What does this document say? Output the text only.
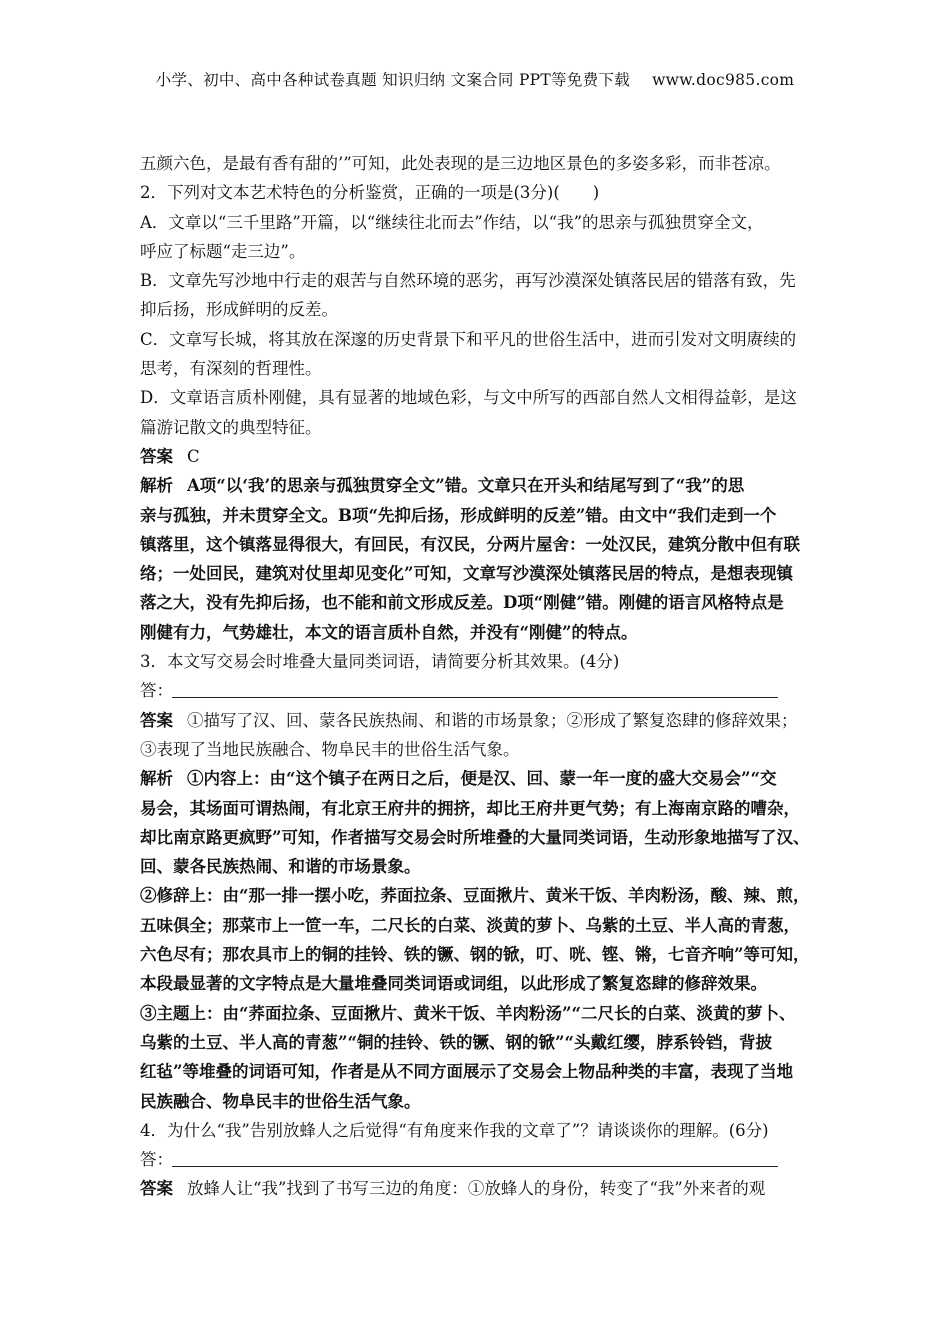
小学、初中、高中各种试卷真题 知识归纳 文案合同 PPT等免费下载 www.doc985.com
五颜六色，是最有香有甜的’”可知，此处表现的是三边地区景色的多姿多彩，而非苍凉。
2．下列对文本艺术特色的分析鉴赏，正确的一项是(3分)(　　)
A．文章以“三千里路”开篇，以“继续往北而去”作结，以“我”的思亲与孤独贯穿全文，
呼应了标题“走三边”。
B．文章先写沙地中行走的艰苦与自然环境的恶劣，再写沙漠深处镇落民居的错落有致，先
抑后扬，形成鲜明的反差。
C．文章写长城，将其放在深邃的历史背景下和平凡的世俗生活中，进而引发对文明赓续的
思考，有深刻的哲理性。
D．文章语言质朴刚健，具有显著的地域色彩，与文中所写的西部自然人文相得益彰，是这
篇游记散文的典型特征。
答案 C
解析 A项“以‘我’的思亲与孤独贯穿全文”错。文章只在开头和结尾写到了“我”的思
亲与孤独，并未贯穿全文。B项“先抑后扬，形成鲜明的反差”错。由文中“我们走到一个
镇落里，这个镇落显得很大，有回民，有汉民，分两片屋舍：一处汉民，建筑分散中但有联
络；一处回民，建筑对仗里却见变化”可知，文章写沙漠深处镇落民居的特点，是想表现镇
落之大，没有先抑后扬，也不能和前文形成反差。D项“刚健”错。刚健的语言风格特点是
刚健有力，气势雄壮，本文的语言质朴自然，并没有“刚健”的特点。
3．本文写交易会时堆叠大量同类词语，请简要分析其效果。(4分)
答：
答案 ①描写了汉、回、蒙各民族热闹、和谐的市场景象；②形成了繁复恣肆的修辞效果；
③表现了当地民族融合、物阜民丰的世俗生活气象。
解析 ①内容上：由“这个镇子在两日之后，便是汉、回、蒙一年一度的盛大交易会”“交
易会，其场面可谓热闹，有北京王府井的拥挤，却比王府井更气势；有上海南京路的嘈杂，
却比南京路更疯野”可知，作者描写交易会时所堆叠的大量同类词语，生动形象地描写了汉、
回、蒙各民族热闹、和谐的市场景象。
②修辞上：由“那一排一摆小吃，荞面拉条、豆面揪片、黄米干饭、羊肉粉汤，酸、辣、煎，
五味俱全；那菜市上一笸一车，二尺长的白菜、淡黄的萝卜、乌紫的土豆、半人高的青葱，
六色尽有；那农具市上的铜的挂铃、铁的镢、钢的锨，叮、咣、铿、锵，七音齐响”等可知，
本段最显著的文字特点是大量堆叠同类词语或词组，以此形成了繁复恣肆的修辞效果。
③主题上：由“荞面拉条、豆面揪片、黄米干饭、羊肉粉汤”“二尺长的白菜、淡黄的萝卜、
乌紫的土豆、半人高的青葱”“铜的挂铃、铁的镢、钢的锨”“头戴红缨，脖系铃铛，背披
红毡”等堆叠的词语可知，作者是从不同方面展示了交易会上物品种类的丰富，表现了当地
民族融合、物阜民丰的世俗生活气象。
4．为什么“我”告别放蜂人之后觉得“有角度来作我的文章了”？请谈谈你的理解。(6分)
答：
答案 放蜂人让“我”找到了书写三边的角度：①放蜂人的身份，转变了“我”外来者的观
